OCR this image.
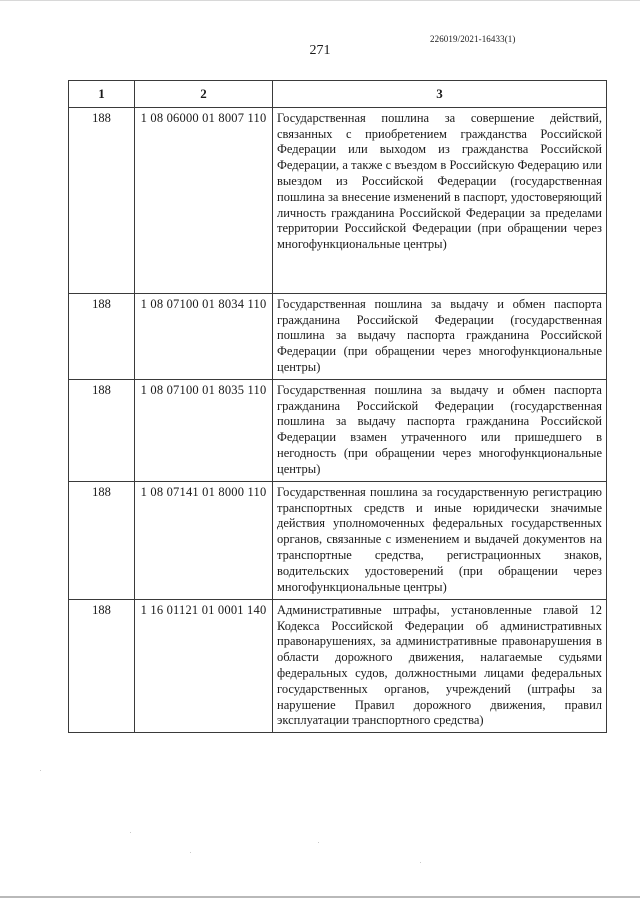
226019/2021-16433(1)
271
1	2	3
188	1 08 06000 01 8007 110	Государственная пошлина за совершение действий, связанных с приобретением гражданства Российской Федерации или выходом из гражданства Российской Федерации, а также с въездом в Российскую Федерацию или выездом из Российской Федерации (государственная пошлина за внесение изменений в паспорт, удостоверяющий личность гражданина Российской Федерации за пределами территории Российской Федерации (при обращении через многофункциональные центры)
188	1 08 07100 01 8034 110	Государственная пошлина за выдачу и обмен паспорта гражданина Российской Федерации (государственная пошлина за выдачу паспорта гражданина Российской Федерации (при обращении через многофункциональные центры)
188	1 08 07100 01 8035 110	Государственная пошлина за выдачу и обмен паспорта гражданина Российской Федерации (государственная пошлина за выдачу паспорта гражданина Российской Федерации взамен утраченного или пришедшего в негодность (при обращении через многофункциональные центры)
188	1 08 07141 01 8000 110	Государственная пошлина за государственную регистрацию транспортных средств и иные юридически значимые действия уполномоченных федеральных государственных органов, связанные с изменением и выдачей документов на транспортные средства, регистрационных знаков, водительских удостоверений (при обращении через многофункциональные центры)
188	1 16 01121 01 0001 140	Административные штрафы, установленные главой 12 Кодекса Российской Федерации об административных правонарушениях, за административные правонарушения в области дорожного движения, налагаемые судьями федеральных судов, должностными лицами федеральных государственных органов, учреждений (штрафы за нарушение Правил дорожного движения, правил эксплуатации транспортного средства)
